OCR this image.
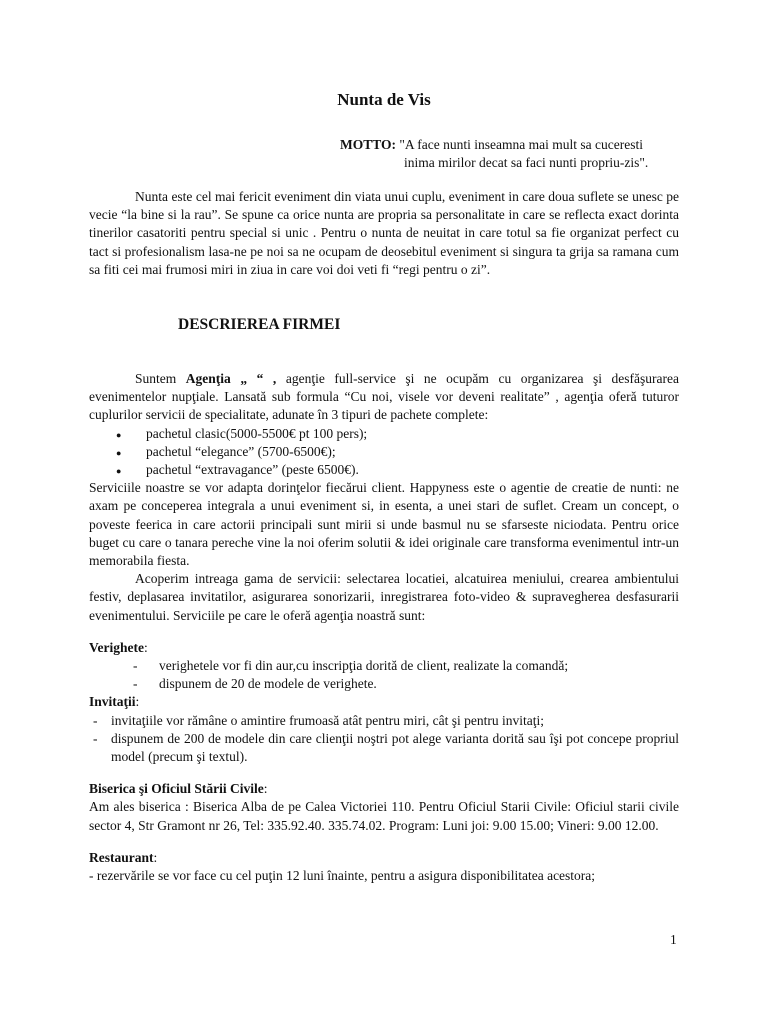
Nunta de Vis
MOTTO: "A face nunti inseamna mai mult sa cuceresti
inima mirilor decat sa faci nunti propriu-zis".
Nunta este cel mai fericit eveniment din viata unui cuplu, eveniment in care doua suflete se unesc pe vecie “la bine si la rau”. Se spune ca orice nunta are propria sa personalitate in care se reflecta exact dorinta tinerilor casatoriti pentru special si unic . Pentru o nunta de neuitat in care totul sa fie organizat perfect cu tact si profesionalism lasa-ne pe noi sa ne ocupam de deosebitul eveniment si singura ta grija sa ramana cum sa fiti cei mai frumosi miri in ziua in care voi doi veti fi “regi pentru o zi”.
DESCRIEREA FIRMEI
Suntem Agenţia „ “ , agenţie full-service şi ne ocupăm cu organizarea şi desfăşurarea evenimentelor nupţiale. Lansată sub formula “Cu noi, visele vor deveni realitate” , agenţia oferă tuturor cuplurilor servicii de specialitate, adunate în 3 tipuri de pachete complete:
● pachetul clasic(5000-5500€ pt 100 pers);
● pachetul “elegance” (5700-6500€);
● pachetul “extravagance” (peste 6500€).
Serviciile noastre se vor adapta dorinţelor fiecărui client. Happyness este o agentie de creatie de nunti: ne axam pe conceperea integrala a unui eveniment si, in esenta, a unei stari de suflet. Cream un concept, o poveste feerica in care actorii principali sunt mirii si unde basmul nu se sfarseste niciodata. Pentru orice buget cu care o tanara pereche vine la noi oferim solutii & idei originale care transforma evenimentul intr-un memorabila fiesta.
Acoperim intreaga gama de servicii: selectarea locatiei, alcatuirea meniului, crearea ambientului festiv, deplasarea invitatilor, asigurarea sonorizarii, inregistrarea foto-video & supravegherea desfasurarii evenimentului. Serviciile pe care le oferă agenţia noastră sunt:
Verighete:
- verighetele vor fi din aur,cu inscripţia dorită de client, realizate la comandă;
- dispunem de 20 de modele de verighete.
Invitaţii:
- invitaţiile vor rămâne o amintire frumoasă atât pentru miri, cât şi pentru invitaţi;
- dispunem de 200 de modele din care clienţii noştri pot alege varianta dorită sau îşi pot concepe propriul model (precum şi textul).
Biserica şi Oficiul Stării Civile:
Am ales biserica : Biserica Alba de pe Calea Victoriei 110. Pentru Oficiul Starii Civile: Oficiul starii civile sector 4, Str Gramont nr 26, Tel: 335.92.40. 335.74.02. Program: Luni joi: 9.00 15.00; Vineri: 9.00 12.00.
Restaurant:
- rezervările se vor face cu cel puţin 12 luni înainte, pentru a asigura disponibilitatea acestora;
1
